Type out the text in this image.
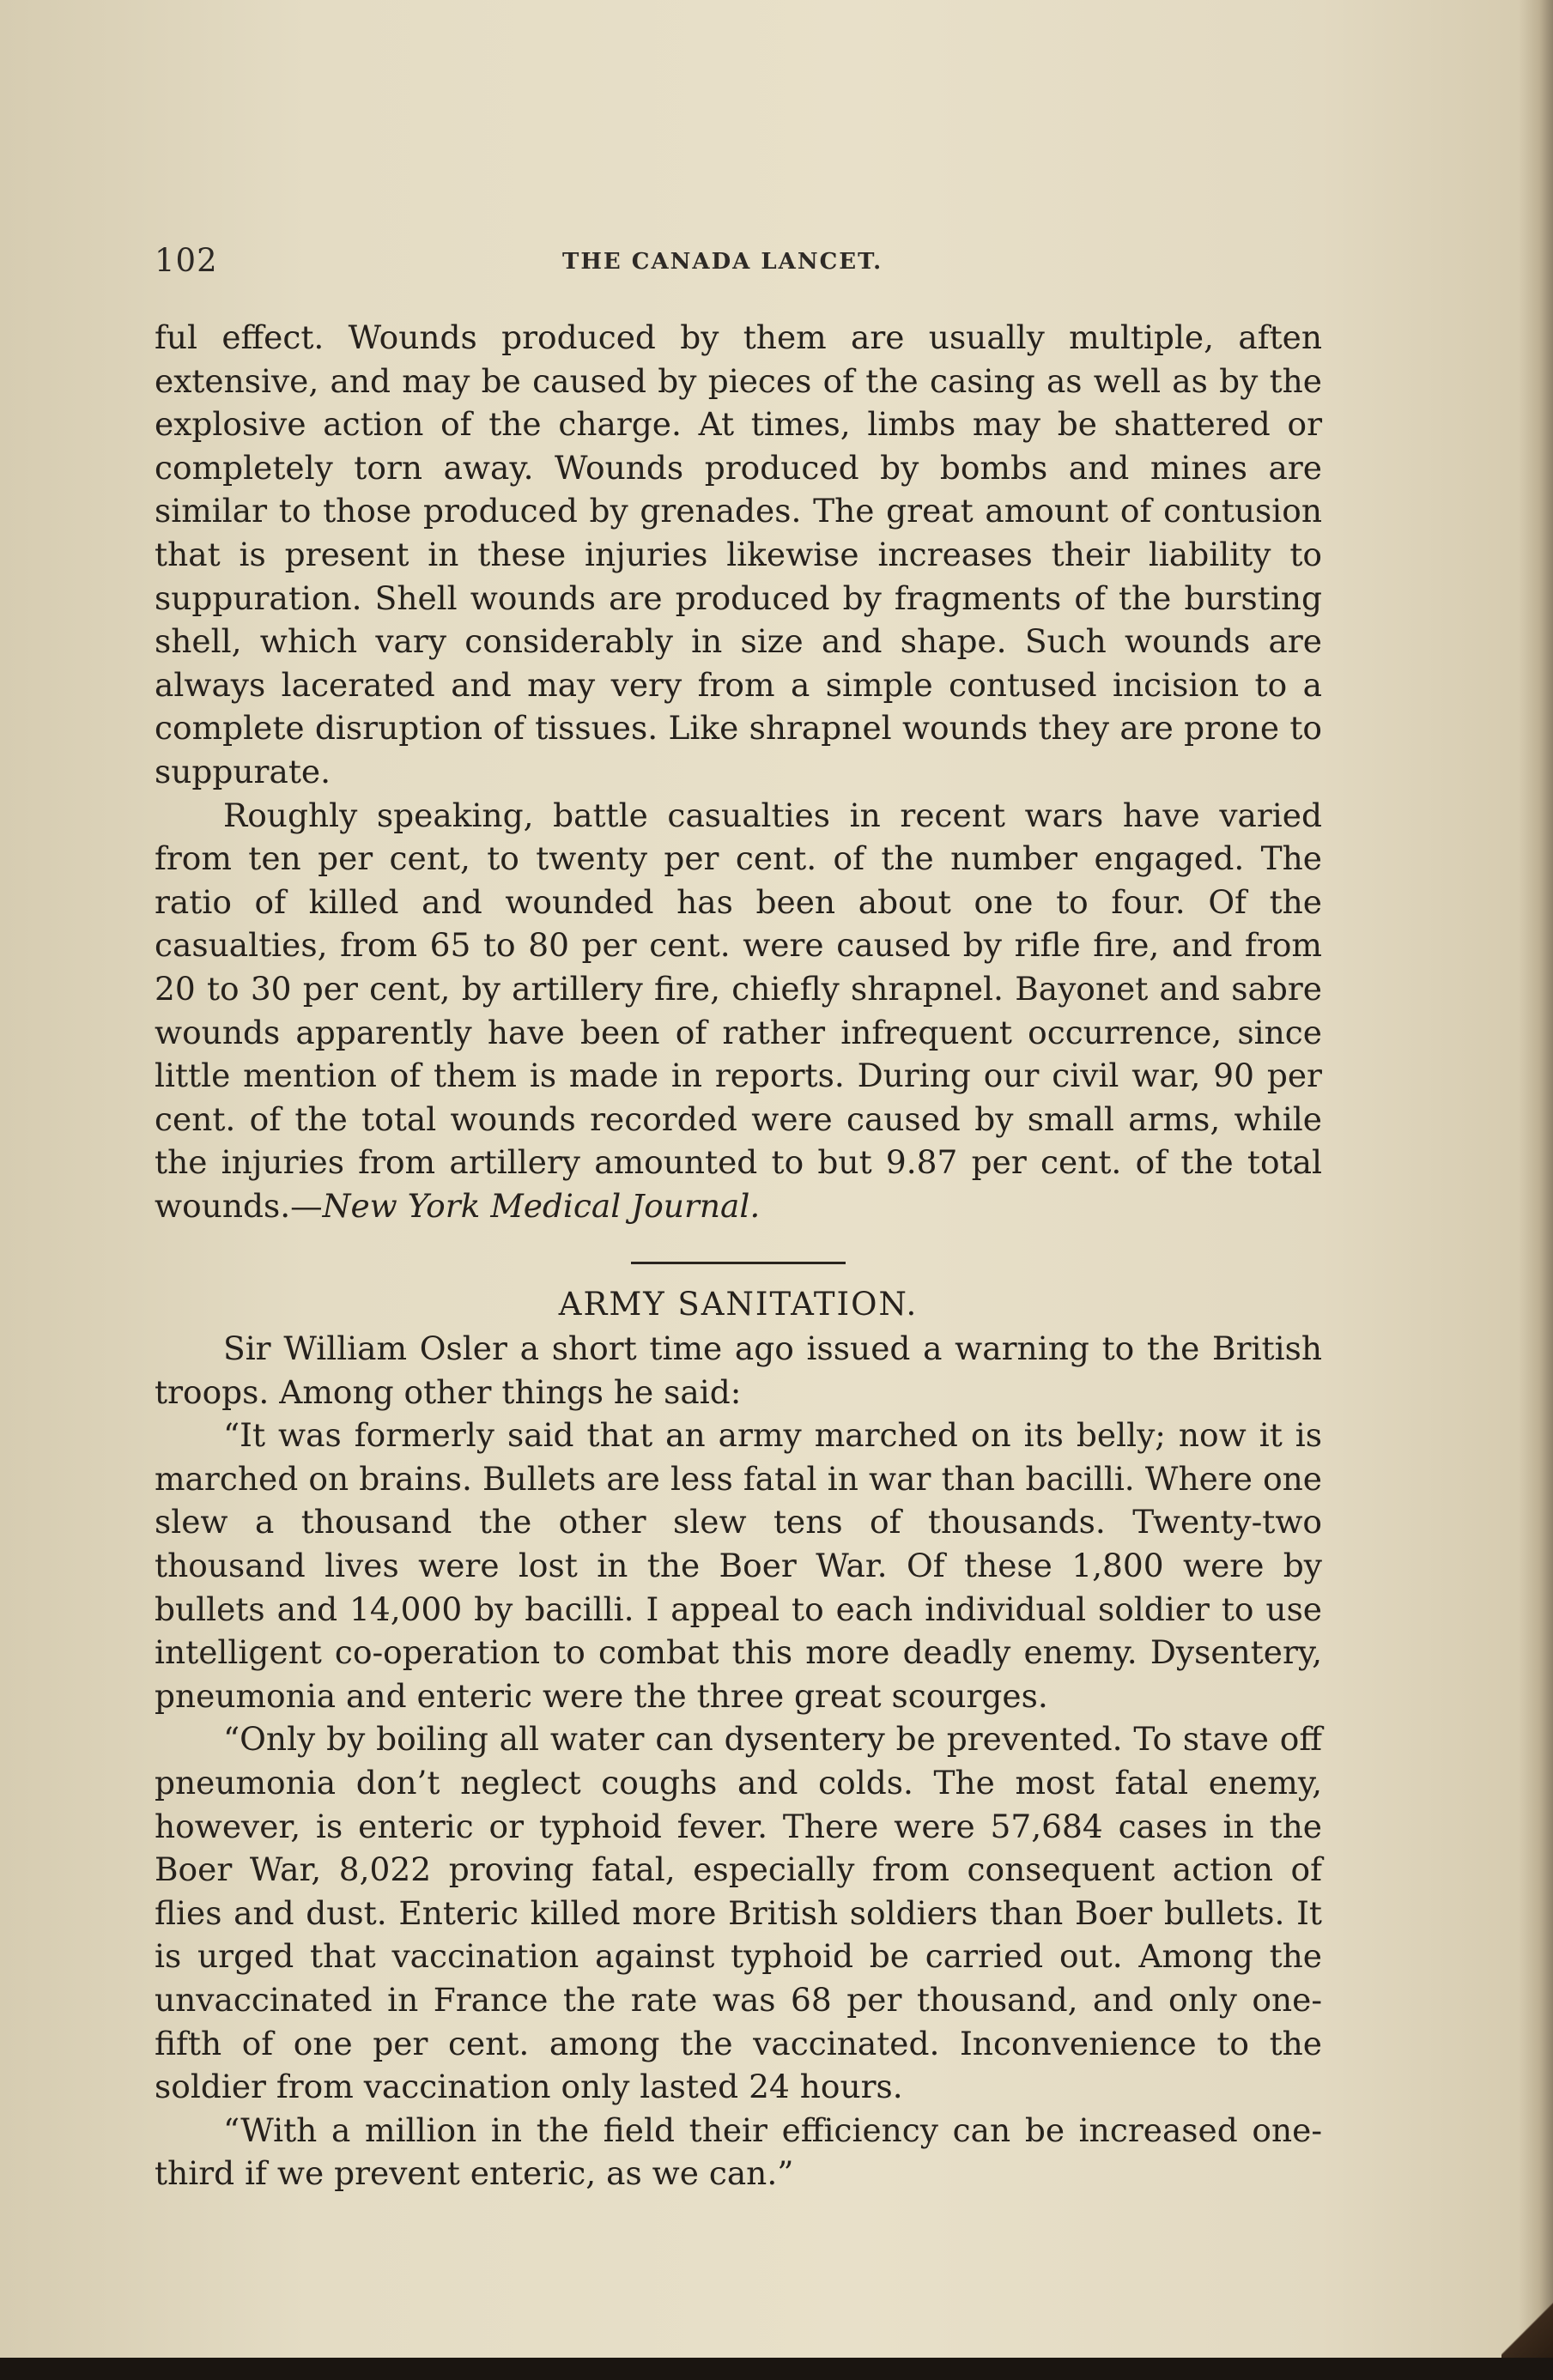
102	THE CANADA LANCET.

ful effect. Wounds produced by them are usually multiple, aften extensive, and may be caused by pieces of the casing as well as by the explosive action of the charge. At times, limbs may be shattered or completely torn away. Wounds produced by bombs and mines are similar to those produced by grenades. The great amount of contusion that is present in these injuries likewise increases their liability to suppuration. Shell wounds are produced by fragments of the bursting shell, which vary considerably in size and shape. Such wounds are always lacerated and may very from a simple contused incision to a complete disruption of tissues. Like shrapnel wounds they are prone to suppurate.

Roughly speaking, battle casualties in recent wars have varied from ten per cent, to twenty per cent. of the number engaged. The ratio of killed and wounded has been about one to four. Of the casualties, from 65 to 80 per cent. were caused by rifle fire, and from 20 to 30 per cent, by artillery fire, chiefly shrapnel. Bayonet and sabre wounds apparently have been of rather infrequent occurrence, since little mention of them is made in reports. During our civil war, 90 per cent. of the total wounds recorded were caused by small arms, while the injuries from artillery amounted to but 9.87 per cent. of the total wounds.—New York Medical Journal.

ARMY SANITATION.

Sir William Osler a short time ago issued a warning to the British troops. Among other things he said:

“It was formerly said that an army marched on its belly; now it is marched on brains. Bullets are less fatal in war than bacilli. Where one slew a thousand the other slew tens of thousands. Twenty-two thousand lives were lost in the Boer War. Of these 1,800 were by bullets and 14,000 by bacilli. I appeal to each individual soldier to use intelligent co-operation to combat this more deadly enemy. Dysentery, pneumonia and enteric were the three great scourges.

“Only by boiling all water can dysentery be prevented. To stave off pneumonia don’t neglect coughs and colds. The most fatal enemy, however, is enteric or typhoid fever. There were 57,684 cases in the Boer War, 8,022 proving fatal, especially from consequent action of flies and dust. Enteric killed more British soldiers than Boer bullets. It is urged that vaccination against typhoid be carried out. Among the unvaccinated in France the rate was 68 per thousand, and only one-fifth of one per cent. among the vaccinated. Inconvenience to the soldier from vaccination only lasted 24 hours.

“With a million in the field their efficiency can be increased one-third if we prevent enteric, as we can.”
